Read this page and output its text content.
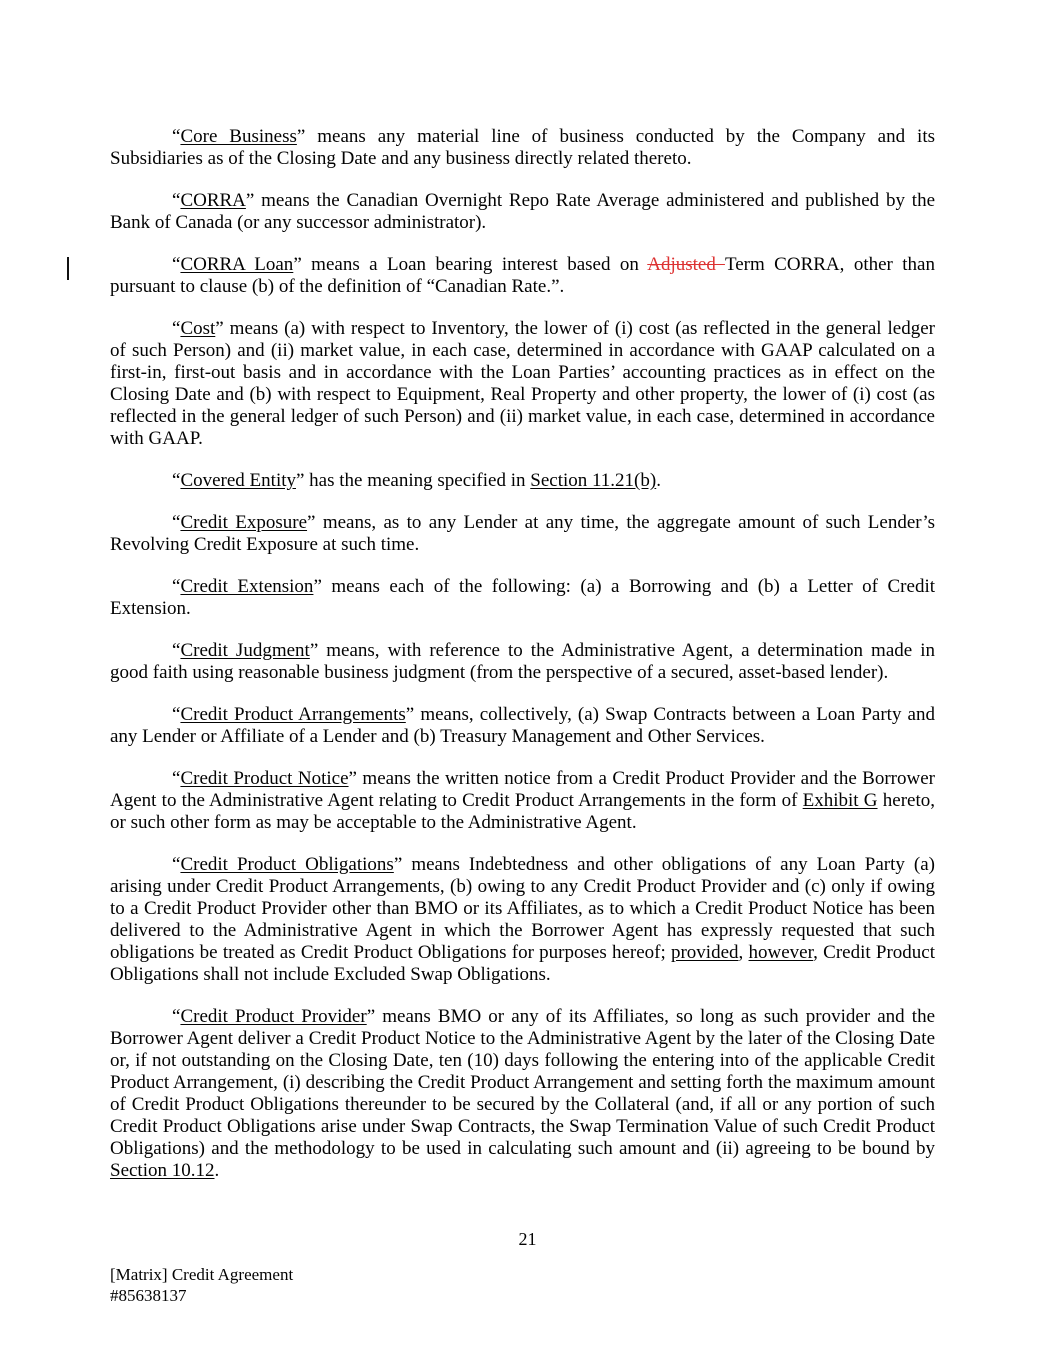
“Core Business” means any material line of business conducted by the Company and its Subsidiaries as of the Closing Date and any business directly related thereto.

“CORRA” means the Canadian Overnight Repo Rate Average administered and published by the Bank of Canada (or any successor administrator).

“CORRA Loan” means a Loan bearing interest based on Adjusted Term CORRA, other than pursuant to clause (b) of the definition of “Canadian Rate.”.

“Cost” means (a) with respect to Inventory, the lower of (i) cost (as reflected in the general ledger of such Person) and (ii) market value, in each case, determined in accordance with GAAP calculated on a first-in, first-out basis and in accordance with the Loan Parties’ accounting practices as in effect on the Closing Date and (b) with respect to Equipment, Real Property and other property, the lower of (i) cost (as reflected in the general ledger of such Person) and (ii) market value, in each case, determined in accordance with GAAP.

“Covered Entity” has the meaning specified in Section 11.21(b).

“Credit Exposure” means, as to any Lender at any time, the aggregate amount of such Lender’s Revolving Credit Exposure at such time.

“Credit Extension” means each of the following: (a) a Borrowing and (b) a Letter of Credit Extension.

“Credit Judgment” means, with reference to the Administrative Agent, a determination made in good faith using reasonable business judgment (from the perspective of a secured, asset-based lender).

“Credit Product Arrangements” means, collectively, (a) Swap Contracts between a Loan Party and any Lender or Affiliate of a Lender and (b) Treasury Management and Other Services.

“Credit Product Notice” means the written notice from a Credit Product Provider and the Borrower Agent to the Administrative Agent relating to Credit Product Arrangements in the form of Exhibit G hereto, or such other form as may be acceptable to the Administrative Agent.

“Credit Product Obligations” means Indebtedness and other obligations of any Loan Party (a) arising under Credit Product Arrangements, (b) owing to any Credit Product Provider and (c) only if owing to a Credit Product Provider other than BMO or its Affiliates, as to which a Credit Product Notice has been delivered to the Administrative Agent in which the Borrower Agent has expressly requested that such obligations be treated as Credit Product Obligations for purposes hereof; provided, however, Credit Product Obligations shall not include Excluded Swap Obligations.

“Credit Product Provider” means BMO or any of its Affiliates, so long as such provider and the Borrower Agent deliver a Credit Product Notice to the Administrative Agent by the later of the Closing Date or, if not outstanding on the Closing Date, ten (10) days following the entering into of the applicable Credit Product Arrangement, (i) describing the Credit Product Arrangement and setting forth the maximum amount of Credit Product Obligations thereunder to be secured by the Collateral (and, if all or any portion of such Credit Product Obligations arise under Swap Contracts, the Swap Termination Value of such Credit Product Obligations) and the methodology to be used in calculating such amount and (ii) agreeing to be bound by Section 10.12.

21
[Matrix] Credit Agreement
#85638137
